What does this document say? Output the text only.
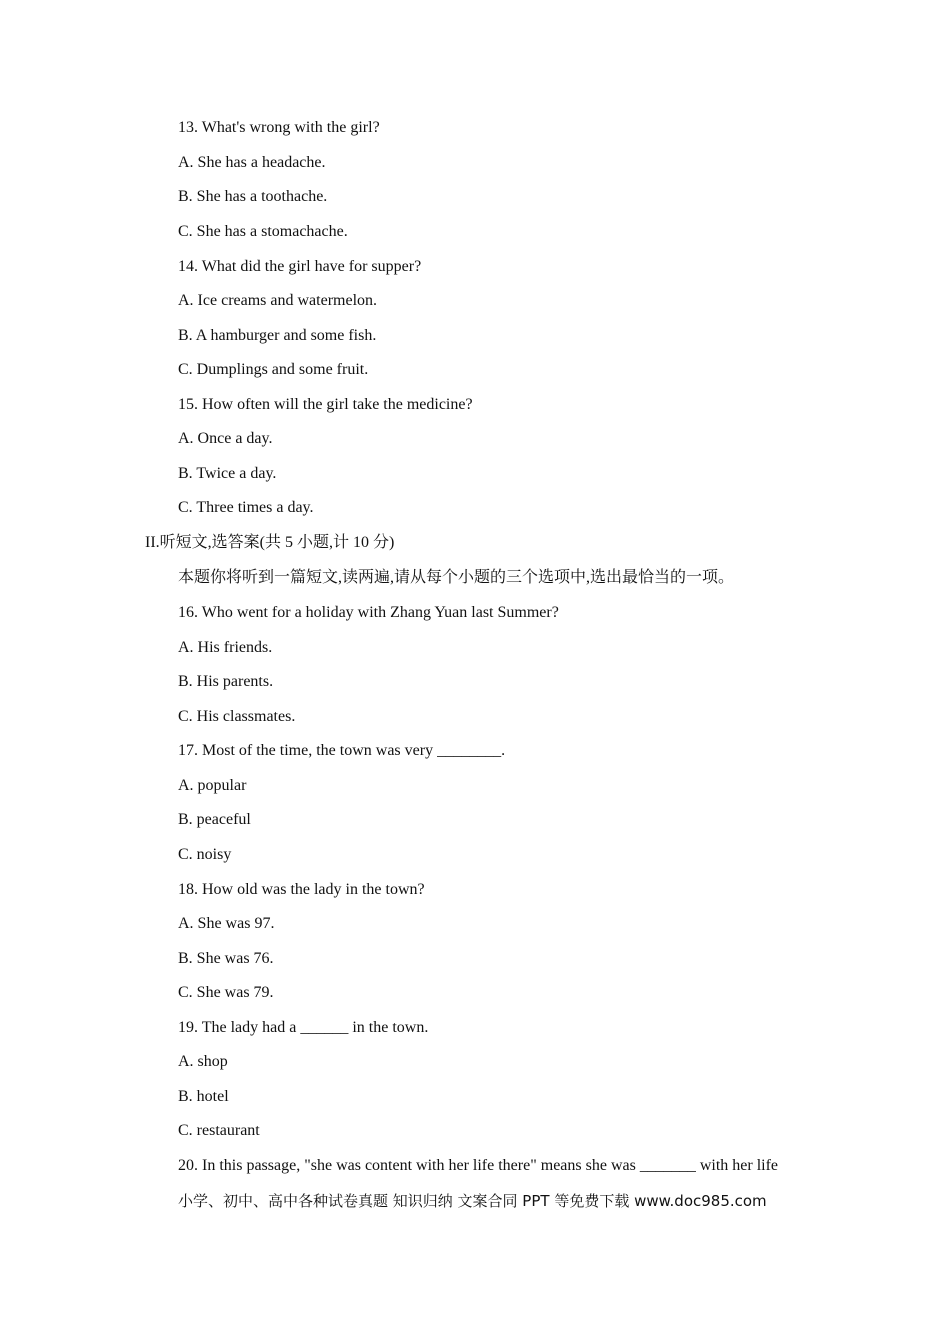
13. What's wrong with the girl?
A. She has a headache.
B. She has a toothache.
C. She has a stomachache.
14. What did the girl have for supper?
A. Ice creams and watermelon.
B. A hamburger and some fish.
C. Dumplings and some fruit.
15. How often will the girl take the medicine?
A. Once a day.
B. Twice a day.
C. Three times a day.
II.听短文,选答案(共 5 小题,计 10 分)
本题你将听到一篇短文,读两遍,请从每个小题的三个选项中,选出最恰当的一项。
16. Who went for a holiday with Zhang Yuan last Summer?
A. His friends.
B. His parents.
C. His classmates.
17. Most of the time, the town was very ________.
A. popular
B. peaceful
C. noisy
18. How old was the lady in the town?
A. She was 97.
B. She was 76.
C. She was 79.
19. The lady had a ______ in the town.
A. shop
B. hotel
C. restaurant
20. In this passage, "she was content with her life there" means she was _______ with her life
小学、初中、高中各种试卷真题 知识归纳 文案合同 PPT 等免费下载 www.doc985.com
